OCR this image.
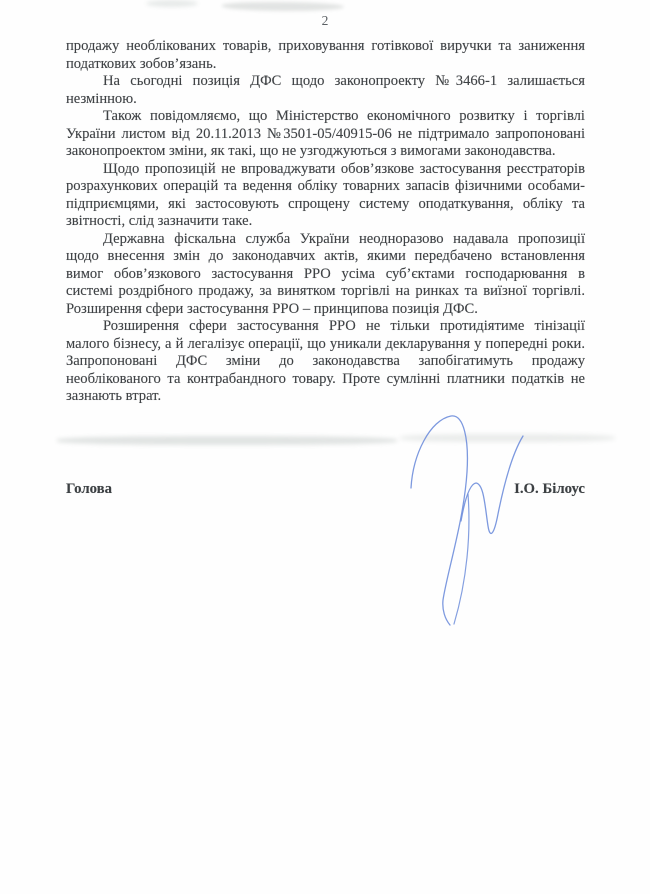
2

продажу необлікованих товарів, приховування готівкової виручки та заниження податкових зобов’язань.

На сьогодні позиція ДФС щодо законопроекту №3466-1 залишається незмінною.

Також повідомляємо, що Міністерство економічного розвитку і торгівлі України листом від 20.11.2013 №3501-05/40915-06 не підтримало запропоновані законопроектом зміни, як такі, що не узгоджуються з вимогами законодавства.

Щодо пропозицій не впроваджувати обов’язкове застосування реєстраторів розрахункових операцій та ведення обліку товарних запасів фізичними особами-підприємцями, які застосовують спрощену систему оподаткування, обліку та звітності, слід зазначити таке.

Державна фіскальна служба України неодноразово надавала пропозиції щодо внесення змін до законодавчих актів, якими передбачено встановлення вимог обов’язкового застосування РРО усіма суб’єктами господарювання в системі роздрібного продажу, за винятком торгівлі на ринках та виїзної торгівлі. Розширення сфери застосування РРО – принципова позиція ДФС.

Розширення сфери застосування РРО не тільки протидіятиме тінізації малого бізнесу, а й легалізує операції, що уникали декларування у попередні роки. Запропоновані ДФС зміни до законодавства запобігатимуть продажу необлікованого та контрабандного товару. Проте сумлінні платники податків не зазнають втрат.

Голова	І.О. Білоус
